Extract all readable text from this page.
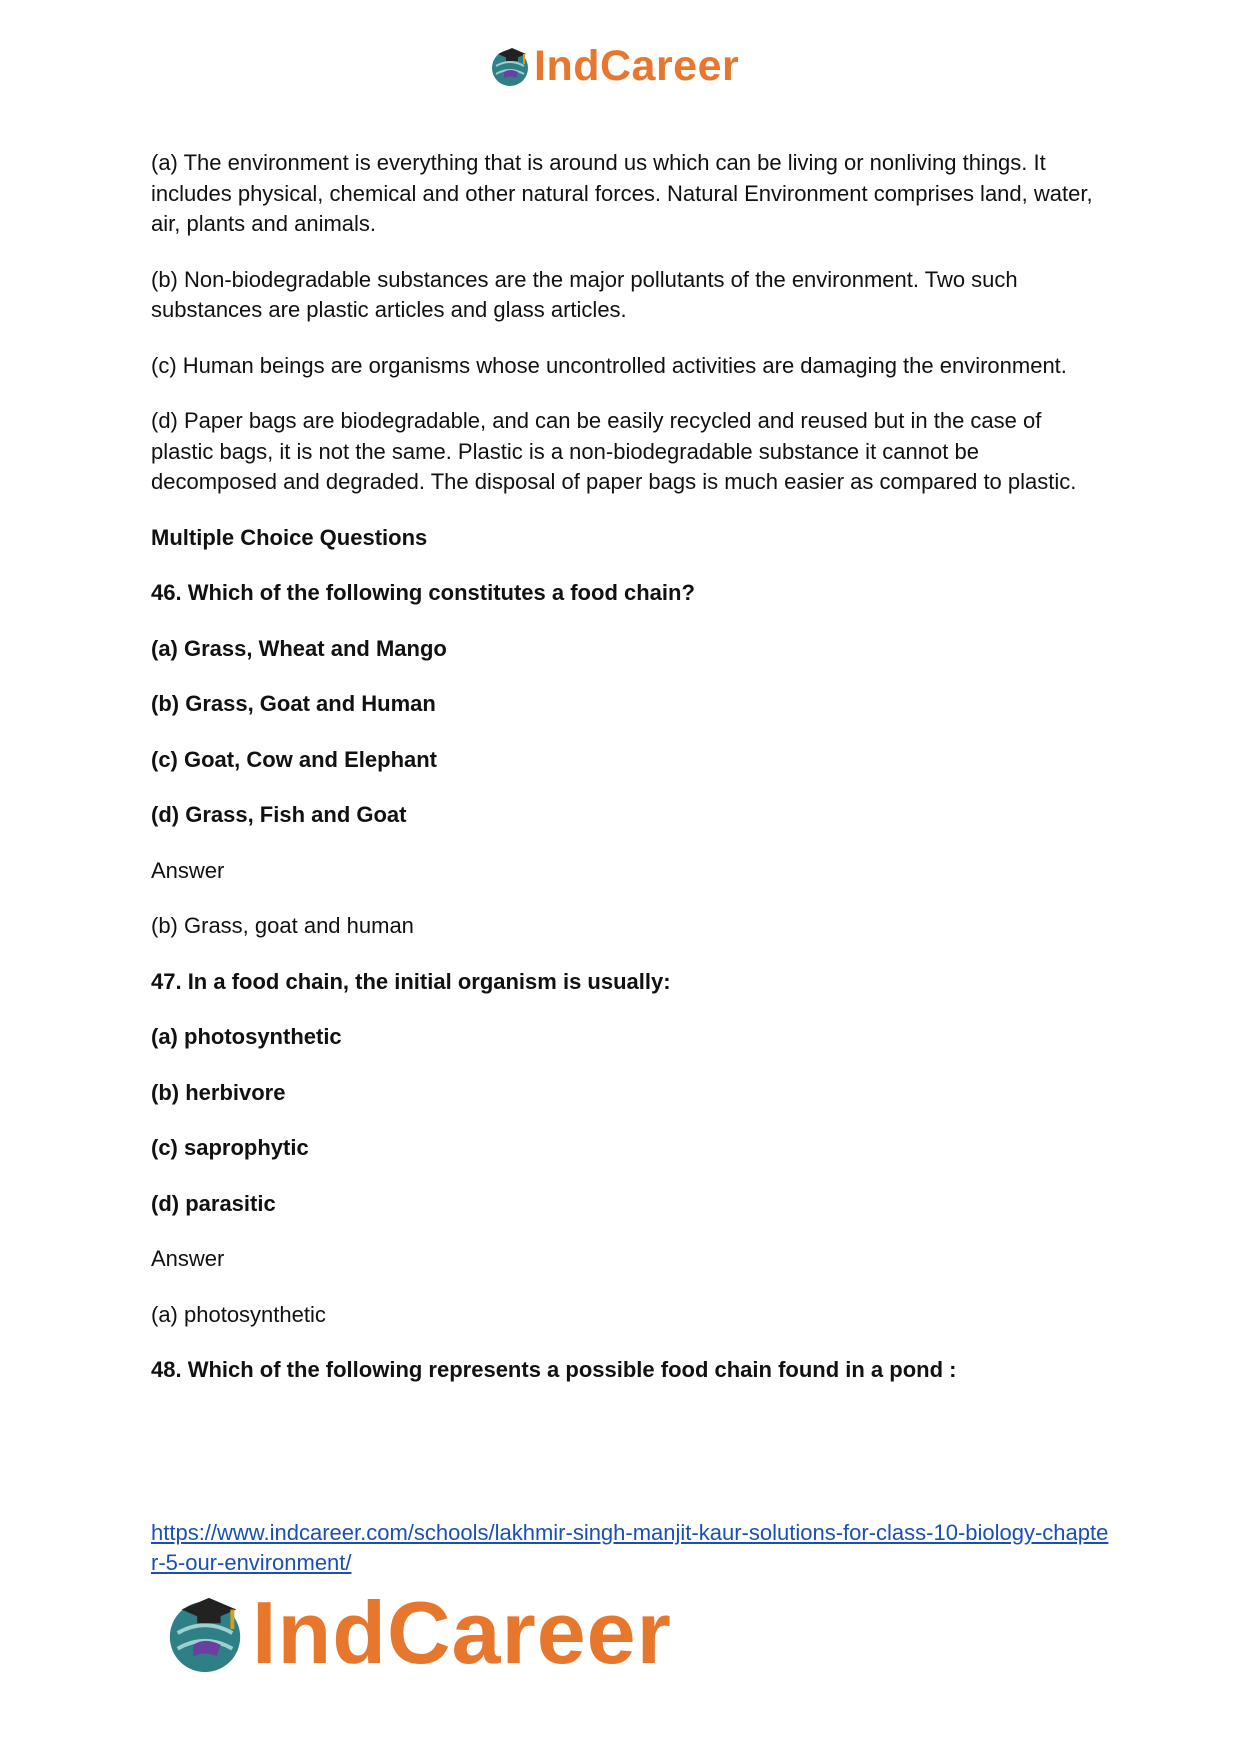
IndCareer

(a) The environment is everything that is around us which can be living or nonliving things. It includes physical, chemical and other natural forces. Natural Environment comprises land, water, air, plants and animals.

(b) Non-biodegradable substances are the major pollutants of the environment. Two such substances are plastic articles and glass articles.

(c) Human beings are organisms whose uncontrolled activities are damaging the environment.

(d) Paper bags are biodegradable, and can be easily recycled and reused but in the case of plastic bags, it is not the same. Plastic is a non-biodegradable substance it cannot be decomposed and degraded. The disposal of paper bags is much easier as compared to plastic.

Multiple Choice Questions

46. Which of the following constitutes a food chain?

(a) Grass, Wheat and Mango

(b) Grass, Goat and Human

(c) Goat, Cow and Elephant

(d) Grass, Fish and Goat

Answer

(b) Grass, goat and human

47. In a food chain, the initial organism is usually:

(a) photosynthetic

(b) herbivore

(c) saprophytic

(d) parasitic

Answer

(a) photosynthetic

48. Which of the following represents a possible food chain found in a pond :

https://www.indcareer.com/schools/lakhmir-singh-manjit-kaur-solutions-for-class-10-biology-chapter-5-our-environment/
IndCareer
